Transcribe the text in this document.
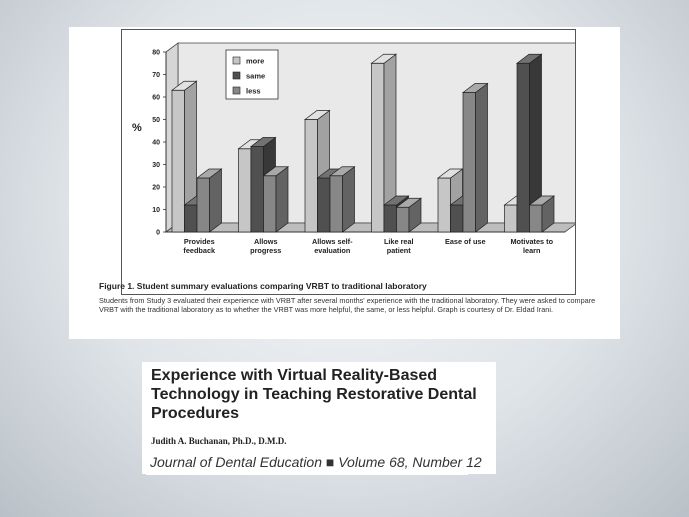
0
10
20
30
40
50
60
70
80
%
Provides
feedback
Allows
progress
Allows self-
evaluation
Like real
patient
Ease of use	Motivates to
learn
more
same
less
Figure 1. Student summary evaluations comparing VRBT to traditional laboratory
Students from Study 3 evaluated their experience with VRBT after several months' experience with the traditional laboratory. They were asked to compare VRBT with the traditional laboratory as to whether the VRBT was more helpful, the same, or less helpful. Graph is courtesy of Dr. Eldad Irani.
Experience with Virtual Reality-Based Technology in Teaching Restorative Dental Procedures
Judith A. Buchanan, Ph.D., D.M.D.
Journal of Dental Education ■ Volume 68, Number 12
